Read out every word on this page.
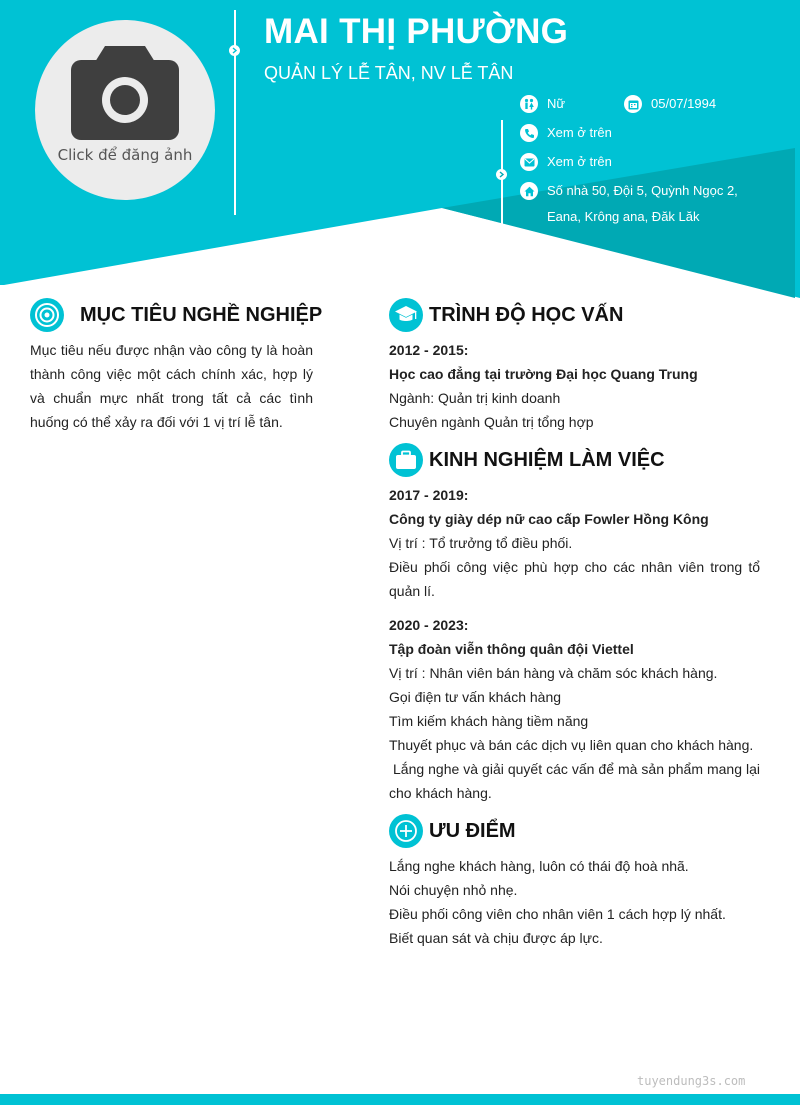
Click để đăng ảnh
MAI THỊ PHƯỜNG
QUẢN LÝ LỄ TÂN, NV LỄ TÂN
Nữ	05/07/1994
Xem ở trên
Xem ở trên
Số nhà 50, Đội 5, Quỳnh Ngọc 2, Eana, Krông ana, Đăk Lăk
MỤC TIÊU NGHỀ NGHIỆP
Mục tiêu nếu được nhận vào công ty là hoàn thành công việc một cách chính xác, hợp lý và chuẩn mực nhất trong tất cả các tình huống có thể xảy ra đối với 1 vị trí lễ tân.
TRÌNH ĐỘ HỌC VẤN

2012 - 2015:

Học cao đẳng tại trường Đại học Quang Trung

Ngành: Quản trị kinh doanh

Chuyên ngành Quản trị tổng hợp

KINH NGHIỆM LÀM VIỆC

2017 - 2019:

Công ty giày dép nữ cao cấp Fowler Hồng Kông

Vị trí : Tổ trưởng tổ điều phối.

Điều phối công việc phù hợp cho các nhân viên trong tổ quản lí.

2020 - 2023:

Tập đoàn viễn thông quân đội Viettel

Vị trí : Nhân viên bán hàng và chăm sóc khách hàng.

Gọi điện tư vấn khách hàng

Tìm kiếm khách hàng tiềm năng

Thuyết phục và bán các dịch vụ liên quan cho khách hàng.

Lắng nghe và giải quyết các vấn để mà sản phẩm mang lại cho khách hàng.

ƯU ĐIỂM

Lắng nghe khách hàng, luôn có thái độ hoà nhã.

Nói chuyện nhỏ nhẹ.

Điều phối công viên cho nhân viên 1 cách hợp lý nhất.

Biết quan sát và chịu được áp lực.

tuyendung3s.com
